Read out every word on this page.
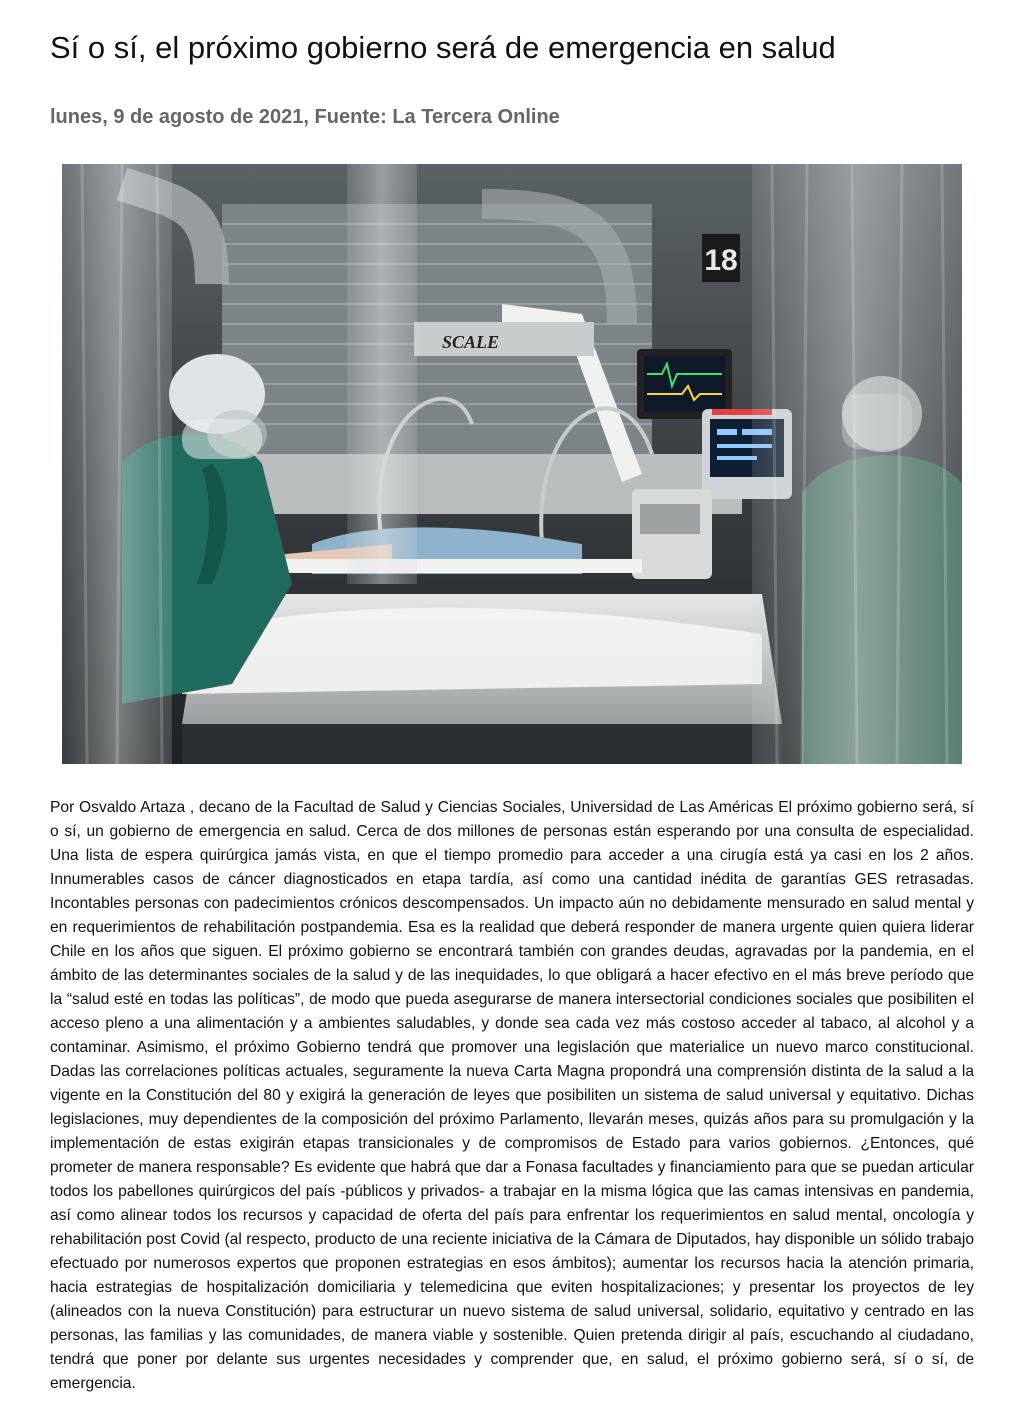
Sí o sí, el próximo gobierno será de emergencia en salud

lunes, 9 de agosto de 2021, Fuente: La Tercera Online

18
SCALE

Por Osvaldo Artaza , decano de la Facultad de Salud y Ciencias Sociales, Universidad de Las Américas El próximo gobierno será, sí o sí, un gobierno de emergencia en salud. Cerca de dos millones de personas están esperando por una consulta de especialidad. Una lista de espera quirúrgica jamás vista, en que el tiempo promedio para acceder a una cirugía está ya casi en los 2 años. Innumerables casos de cáncer diagnosticados en etapa tardía, así como una cantidad inédita de garantías GES retrasadas. Incontables personas con padecimientos crónicos descompensados. Un impacto aún no debidamente mensurado en salud mental y en requerimientos de rehabilitación postpandemia. Esa es la realidad que deberá responder de manera urgente quien quiera liderar Chile en los años que siguen. El próximo gobierno se encontrará también con grandes deudas, agravadas por la pandemia, en el ámbito de las determinantes sociales de la salud y de las inequidades, lo que obligará a hacer efectivo en el más breve período que la “salud esté en todas las políticas”, de modo que pueda asegurarse de manera intersectorial condiciones sociales que posibiliten el acceso pleno a una alimentación y a ambientes saludables, y donde sea cada vez más costoso acceder al tabaco, al alcohol y a contaminar. Asimismo, el próximo Gobierno tendrá que promover una legislación que materialice un nuevo marco constitucional. Dadas las correlaciones políticas actuales, seguramente la nueva Carta Magna propondrá una comprensión distinta de la salud a la vigente en la Constitución del 80 y exigirá la generación de leyes que posibiliten un sistema de salud universal y equitativo. Dichas legislaciones, muy dependientes de la composición del próximo Parlamento, llevarán meses, quizás años para su promulgación y la implementación de estas exigirán etapas transicionales y de compromisos de Estado para varios gobiernos. ¿Entonces, qué prometer de manera responsable? Es evidente que habrá que dar a Fonasa facultades y financiamiento para que se puedan articular todos los pabellones quirúrgicos del país -públicos y privados- a trabajar en la misma lógica que las camas intensivas en pandemia, así como alinear todos los recursos y capacidad de oferta del país para enfrentar los requerimientos en salud mental, oncología y rehabilitación post Covid (al respecto, producto de una reciente iniciativa de la Cámara de Diputados, hay disponible un sólido trabajo efectuado por numerosos expertos que proponen estrategias en esos ámbitos); aumentar los recursos hacia la atención primaria, hacia estrategias de hospitalización domiciliaria y telemedicina que eviten hospitalizaciones; y presentar los proyectos de ley (alineados con la nueva Constitución) para estructurar un nuevo sistema de salud universal, solidario, equitativo y centrado en las personas, las familias y las comunidades, de manera viable y sostenible. Quien pretenda dirigir al país, escuchando al ciudadano, tendrá que poner por delante sus urgentes necesidades y comprender que, en salud, el próximo gobierno será, sí o sí, de emergencia.
